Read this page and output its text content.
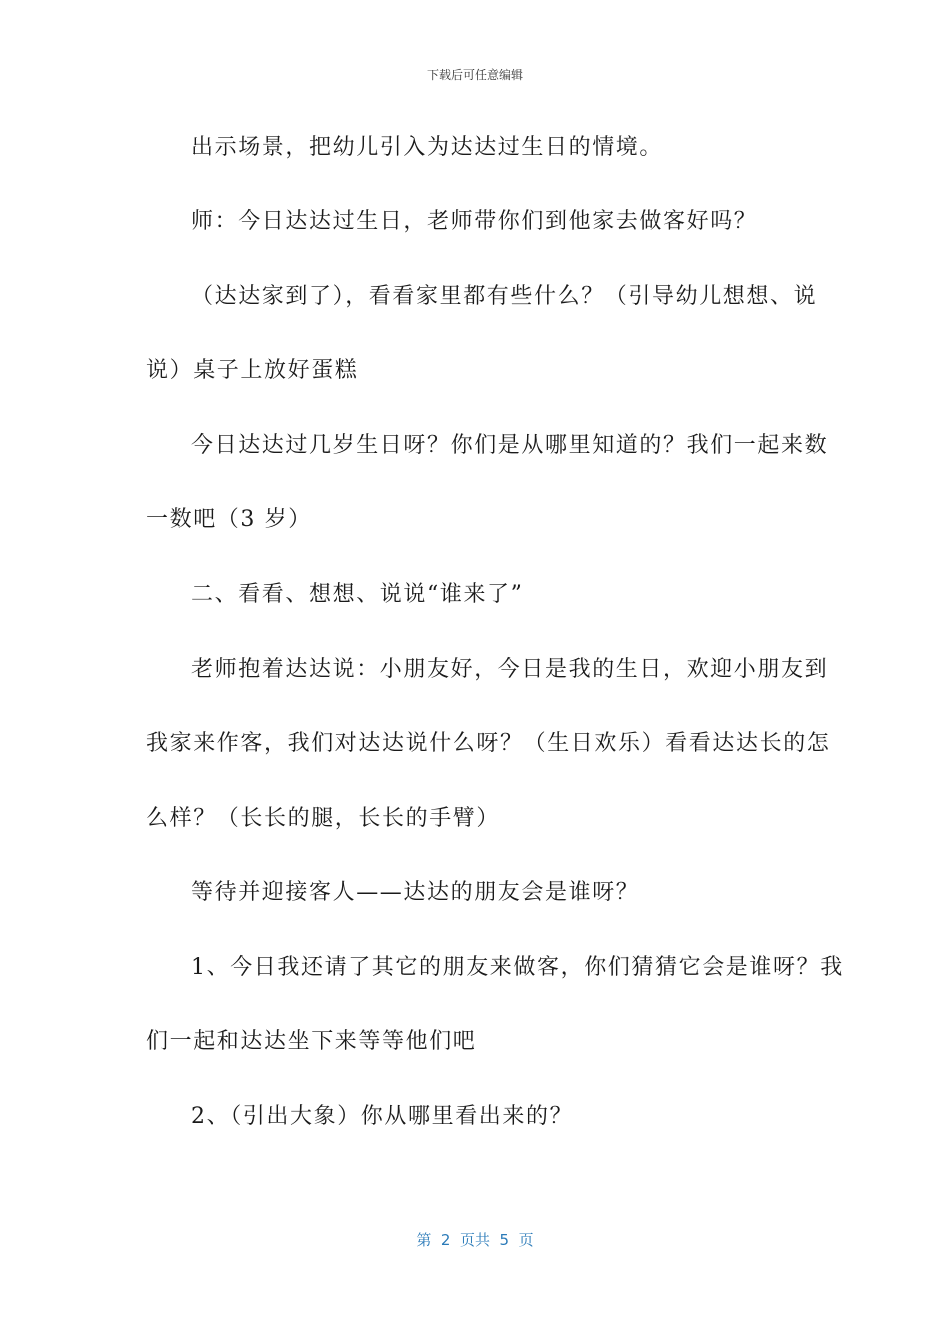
下载后可任意编辑
出示场景，把幼儿引入为达达过生日的情境。
师：今日达达过生日，老师带你们到他家去做客好吗？
（达达家到了），看看家里都有些什么？（引导幼儿想想、说
说）桌子上放好蛋糕
今日达达过几岁生日呀？你们是从哪里知道的？我们一起来数
一数吧（3 岁）
二、看看、想想、说说“谁来了”
老师抱着达达说：小朋友好，今日是我的生日，欢迎小朋友到
我家来作客，我们对达达说什么呀？（生日欢乐）看看达达长的怎
么样？（长长的腿，长长的手臂）
等待并迎接客人——达达的朋友会是谁呀？
1、今日我还请了其它的朋友来做客，你们猜猜它会是谁呀？我
们一起和达达坐下来等等他们吧
2、（引出大象）你从哪里看出来的？
第  2  页共  5  页
